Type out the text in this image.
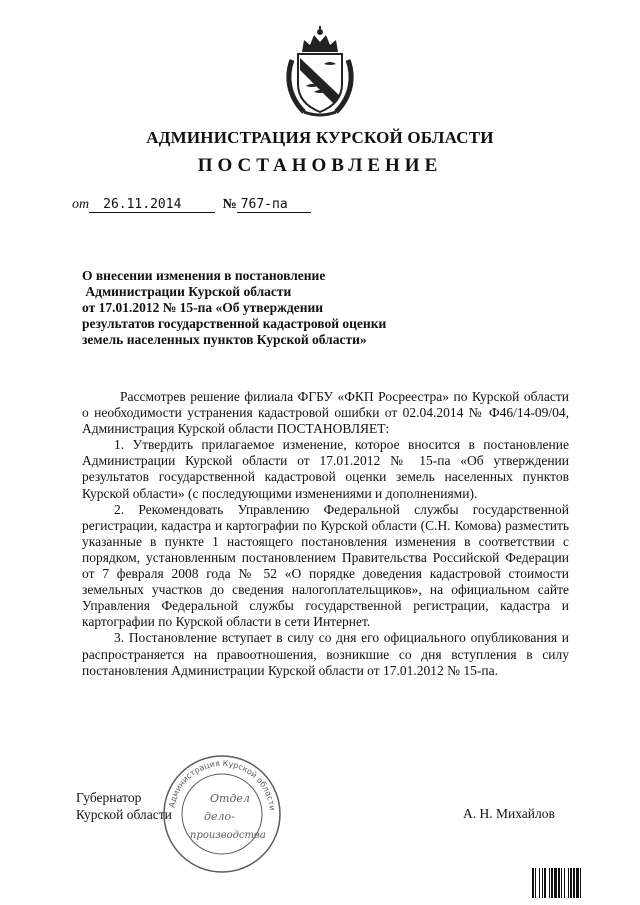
АДМИНИСТРАЦИЯ КУРСКОЙ ОБЛАСТИ
ПОСТАНОВЛЕНИЕ
от 26.11.2014	№ 767-па
О внесении изменения в постановление
Администрации Курской области
от 17.01.2012 № 15-па «Об утверждении
результатов государственной кадастровой оценки
земель населенных пунктов Курской области»

Рассмотрев решение филиала ФГБУ «ФКП Росреестра» по Курской области о необходимости устранения кадастровой ошибки от 02.04.2014 № Ф46/14-09/04, Администрация Курской области ПОСТАНОВЛЯЕТ:

1. Утвердить прилагаемое изменение, которое вносится в постановление Администрации Курской области от 17.01.2012 № 15-па «Об утверждении результатов государственной кадастровой оценки земель населенных пунктов Курской области» (с последующими изменениями и дополнениями).

2. Рекомендовать Управлению Федеральной службы государственной регистрации, кадастра и картографии по Курской области (С.Н. Комова) разместить указанные в пункте 1 настоящего постановления изменения в соответствии с порядком, установленным постановлением Правительства Российской Федерации от 7 февраля 2008 года № 52 «О порядке доведения кадастровой стоимости земельных участков до сведения налогоплательщиков», на официальном сайте Управления Федеральной службы государственной регистрации, кадастра и картографии по Курской области в сети Интернет.

3. Постановление вступает в силу со дня его официального опубликования и распространяется на правоотношения, возникшие со дня вступления в силу постановления Администрации Курской области от 17.01.2012 № 15-па.

Губернатор
Курской области	А. Н. Михайлов
Администрация Курской области
Отдел
дело-
производства
